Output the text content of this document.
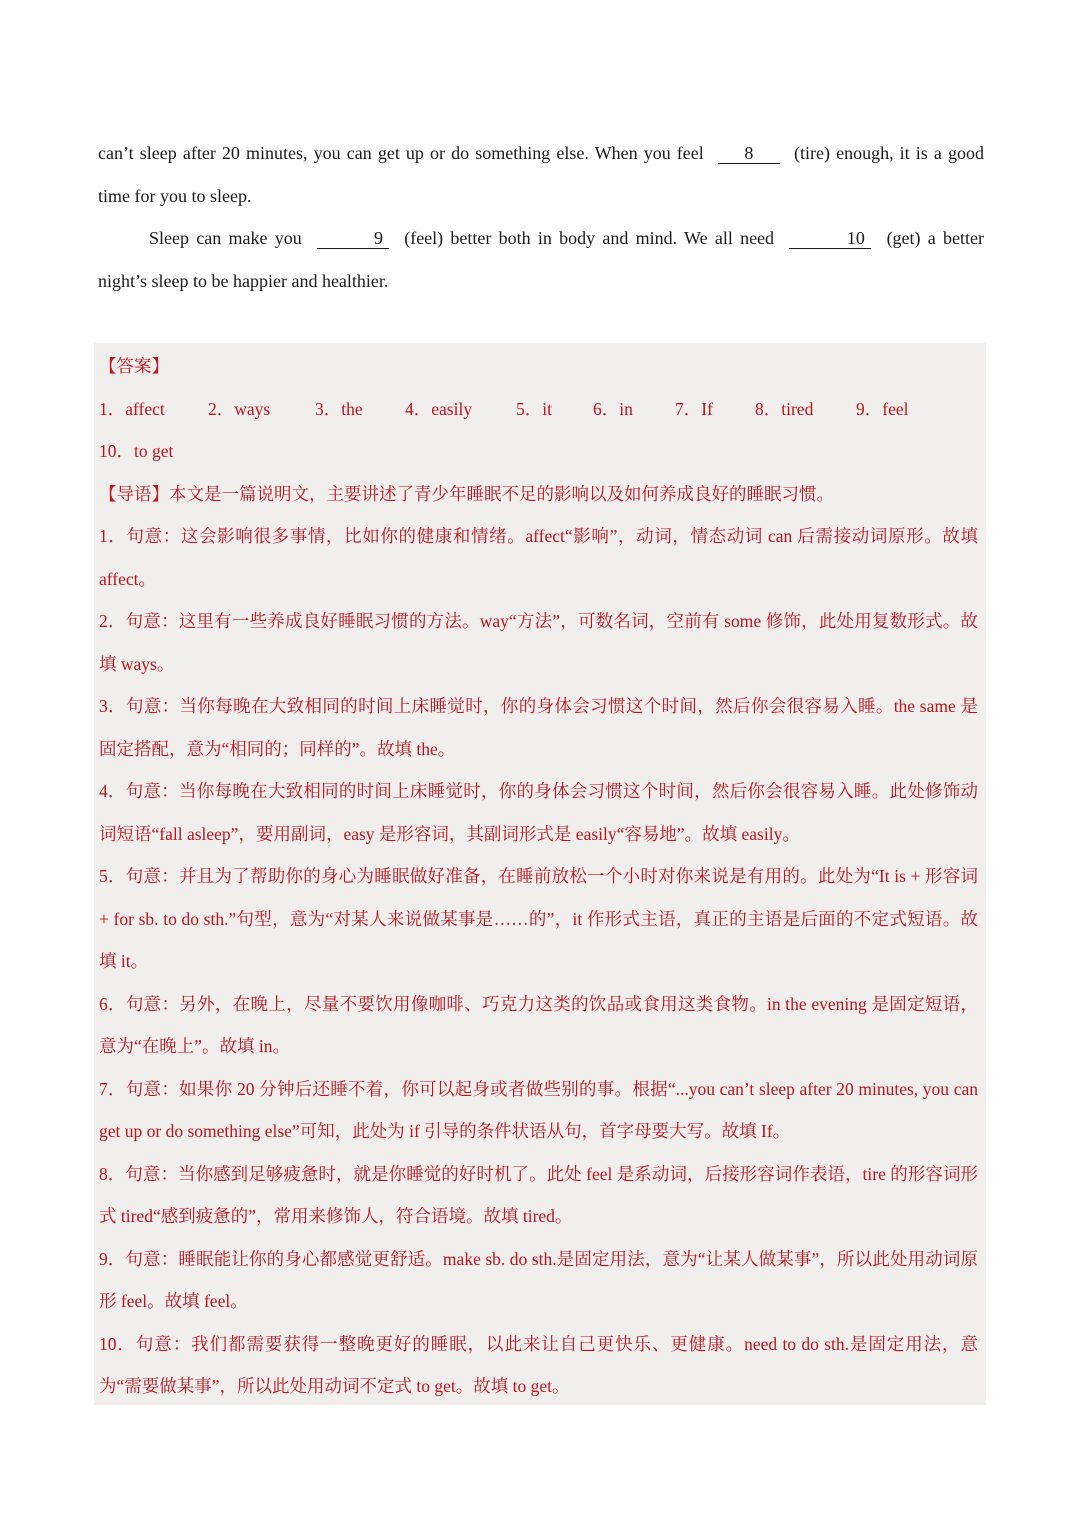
can’t sleep after 20 minutes, you can get up or do something else. When you feel 8 (tire) enough, it is a good time for you to sleep.

Sleep can make you	9 (feel) better both in body and mind. We all need	10 (get) a better night’s sleep to be happier and healthier.

【答案】

1．affect	2．ways	3．the	4．easily	5．it	6．in	7．If	8．tired	9．feel

10．to get

【导语】本文是一篇说明文，主要讲述了青少年睡眠不足的影响以及如何养成良好的睡眠习惯。

1．句意：这会影响很多事情，比如你的健康和情绪。affect“影响”，动词，情态动词 can 后需接动词原形。故填 affect。

2．句意：这里有一些养成良好睡眠习惯的方法。way“方法”，可数名词，空前有 some 修饰，此处用复数形式。故填 ways。

3．句意：当你每晚在大致相同的时间上床睡觉时，你的身体会习惯这个时间，然后你会很容易入睡。the same 是固定搭配，意为“相同的；同样的”。故填 the。

4．句意：当你每晚在大致相同的时间上床睡觉时，你的身体会习惯这个时间，然后你会很容易入睡。此处修饰动词短语“fall asleep”，要用副词，easy 是形容词，其副词形式是 easily“容易地”。故填 easily。

5．句意：并且为了帮助你的身心为睡眠做好准备，在睡前放松一个小时对你来说是有用的。此处为“It is + 形容词 + for sb. to do sth.”句型，意为“对某人来说做某事是……的”，it 作形式主语，真正的主语是后面的不定式短语。故填 it。

6．句意：另外，在晚上，尽量不要饮用像咖啡、巧克力这类的饮品或食用这类食物。in the evening 是固定短语，意为“在晚上”。故填 in。

7．句意：如果你 20 分钟后还睡不着，你可以起身或者做些别的事。根据“...you can’t sleep after 20 minutes, you can get up or do something else”可知，此处为 if 引导的条件状语从句，首字母要大写。故填 If。

8．句意：当你感到足够疲惫时，就是你睡觉的好时机了。此处 feel 是系动词，后接形容词作表语，tire 的形容词形式 tired“感到疲惫的”，常用来修饰人，符合语境。故填 tired。

9．句意：睡眠能让你的身心都感觉更舒适。make sb. do sth.是固定用法，意为“让某人做某事”，所以此处用动词原形 feel。故填 feel。

10．句意：我们都需要获得一整晚更好的睡眠，以此来让自己更快乐、更健康。need to do sth.是固定用法，意为“需要做某事”，所以此处用动词不定式 to get。故填 to get。
